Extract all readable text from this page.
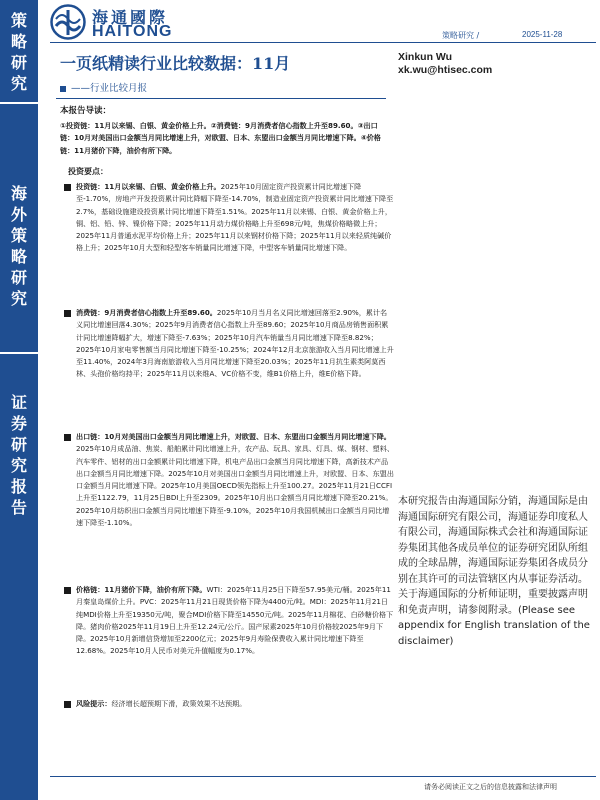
策
略
研
究
海
外
策
略
研
究
证
券
研
究
报
告
海通國際
HAITONG	策略研究 /	2025-11-28
一页纸精读行业比较数据：11月	Xinkun Wu
xk.wu@htisec.com
——行业比较月报
本报告导读：
①投资链：11月以来锡、白银、黄金价格上升。②消费链：9月消费者信心指数上升至89.60。③出口链：10月对美国出口金额当月同比增速上升，对欧盟、日本、东盟出口金额当月同比增速下降。④价格链：11月猪价下降，油价有所下降。
投资要点：
投资链：11月以来锡、白银、黄金价格上升。2025年10月固定资产投资累计同比增速下降至-1.70%，房地产开发投资累计同比降幅下降至-14.70%，制造业固定资产投资累计同比增速下降至2.7%，基础设施建设投资累计同比增速下降至1.51%。2025年11月以来锡、白银、黄金价格上升，铜、铝、铅、锌、镍价格下降；2025年11月动力煤价格略上升至698元/吨，焦煤价格略微上升；2025年11月普通水泥平均价格上升；2025年11月以来钢材价格下降；2025年11月以来轻质纯碱价格上升；2025年10月大型和轻型客车销量同比增速下降，中型客车销量同比增速下降。
消费链：9月消费者信心指数上升至89.60。2025年10月当月名义同比增速回落至2.90%，累计名义同比增速回落4.30%；2025年9月消费者信心指数上升至89.60；2025年10月商品房销售面积累计同比增速降幅扩大，增速下降至-7.63%；2025年10月汽车销量当月同比增速下降至8.82%；2025年10月家电零售额当月同比增速下降至-10.25%；2024年12月北京旅游收入当月同比增速上升至11.40%，2024年3月海南旅游收入当月同比增速下降至20.03%；2025年11月抗生素类阿莫西林、头孢价格均持平；2025年11月以来维A、VC价格不变，维B1价格上升，维E价格下降。
出口链：10月对美国出口金额当月同比增速上升，对欧盟、日本、东盟出口金额当月同比增速下降。2025年10月成品油、焦炭、船舶累计同比增速上升，农产品、玩具、家具、灯具、煤、钢材、塑料、汽车零件、铝材的出口金额累计同比增速下降，机电产品出口金额当月同比增速下降，高新技术产品出口金额当月同比增速下降。2025年10月对美国出口金额当月同比增速上升，对欧盟、日本、东盟出口金额当月同比增速下降。2025年10月美国OECD领先指标上升至100.27。2025年11月21日CCFI上升至1122.79，11月25日BDI上升至2309。2025年10月出口金额当月同比增速下降至20.21%。2025年10月纺织出口金额当月同比增速下降至-9.10%，2025年10月我国机械出口金额当月同比增速下降至-1.10%。
价格链：11月猪价下降，油价有所下降。WTI：2025年11月25日下降至57.95美元/桶。2025年11月秦皇岛煤价上升。PVC：2025年11月21日现货价格下降为4400元/吨。MDI：2025年11月21日纯MDI价格上升至19350元/吨，聚合MDI价格下降至14550元/吨。2025年11月棉花、白砂糖价格下降。猪肉价格2025年11月19日上升至12.24元/公斤。国产尿素2025年10月价格较2025年9月下降。2025年10月新增信贷增加至2200亿元；2025年9月寿险保费收入累计同比增速下降至12.68%。2025年10月人民币对美元升值幅度为0.17%。
风险提示：经济增长超预期下滑，政策效果不达预期。
本研究报告由海通国际分销，海通国际是由海通国际研究有限公司，海通证券印度私人有限公司，海通国际株式会社和海通国际证券集团其他各成员单位的证券研究团队所组成的全球品牌，海通国际证券集团各成员分别在其许可的司法管辖区内从事证券活动。关于海通国际的分析师证明，重要披露声明和免责声明，请参阅附录。(Please see appendix for English translation of the disclaimer)
请务必阅读正文之后的信息披露和法律声明
